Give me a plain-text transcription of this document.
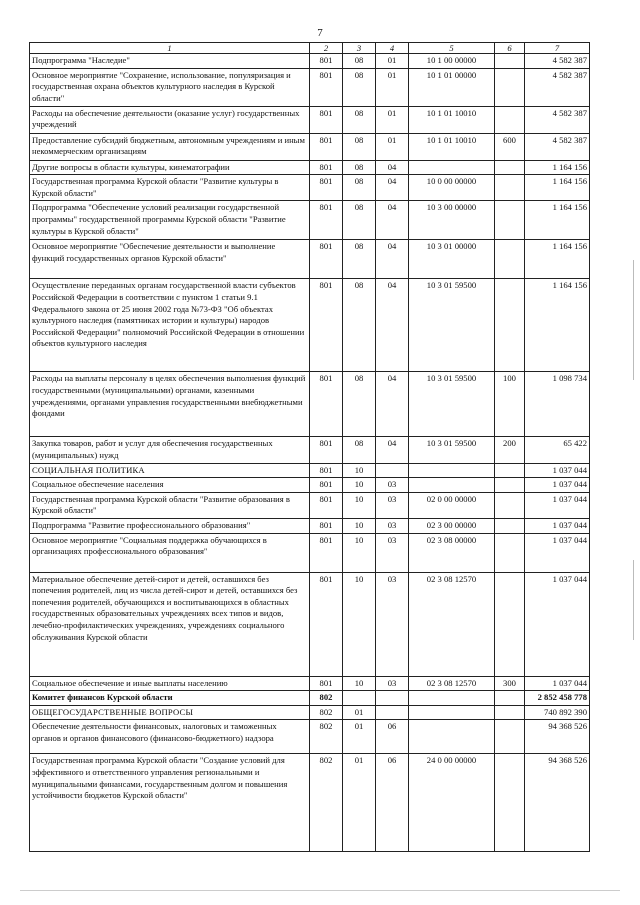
7
1	2	3	4	5	6	7
Подпрограмма "Наследие"	801	08	01	10 1 00 00000		4 582 387
Основное мероприятие "Сохранение, использование, популяризация и государственная охрана объектов культурного наследия в Курской области"	801	08	01	10 1 01 00000		4 582 387
Расходы на обеспечение деятельности (оказание услуг) государственных учреждений	801	08	01	10 1 01 10010		4 582 387
Предоставление субсидий бюджетным, автономным учреждениям и иным некоммерческим организациям	801	08	01	10 1 01 10010	600	4 582 387
Другие вопросы в области культуры, кинематографии	801	08	04			1 164 156
Государственная программа Курской области "Развитие культуры в Курской области"	801	08	04	10 0 00 00000		1 164 156
Подпрограмма "Обеспечение условий реализации государственной программы" государственной программы Курской области "Развитие культуры в Курской области"	801	08	04	10 3 00 00000		1 164 156
Основное мероприятие "Обеспечение деятельности и выполнение функций государственных органов Курской области"	801	08	04	10 3 01 00000		1 164 156
Осуществление переданных органам государственной власти субъектов Российской Федерации в соответствии с пунктом 1 статьи 9.1 Федерального закона от 25 июня 2002 года №73-ФЗ "Об объектах культурного наследия (памятниках истории и культуры) народов Российской Федерации" полномочий Российской Федерации в отношении объектов культурного наследия	801	08	04	10 3 01 59500		1 164 156
Расходы на выплаты персоналу в целях обеспечения выполнения функций государственными (муниципальными) органами, казенными учреждениями, органами управления государственными внебюджетными фондами	801	08	04	10 3 01 59500	100	1 098 734
Закупка товаров, работ и услуг для обеспечения государственных (муниципальных) нужд	801	08	04	10 3 01 59500	200	65 422
СОЦИАЛЬНАЯ ПОЛИТИКА	801	10				1 037 044
Социальное обеспечение населения	801	10	03			1 037 044
Государственная программа Курской области "Развитие образования в Курской области"	801	10	03	02 0 00 00000		1 037 044
Подпрограмма "Развитие профессионального образования"	801	10	03	02 3 00 00000		1 037 044
Основное мероприятие "Социальная поддержка обучающихся в организациях профессионального образования"	801	10	03	02 3 08 00000		1 037 044
Материальное обеспечение детей-сирот и детей, оставшихся без попечения родителей, лиц из числа детей-сирот и детей, оставшихся без попечения родителей, обучающихся и воспитывающихся в областных государственных образовательных учреждениях всех типов и видов, лечебно-профилактических учреждениях, учреждениях социального обслуживания Курской области	801	10	03	02 3 08 12570		1 037 044
Социальное обеспечение и иные выплаты населению	801	10	03	02 3 08 12570	300	1 037 044
Комитет финансов Курской области	802					2 852 458 778
ОБЩЕГОСУДАРСТВЕННЫЕ ВОПРОСЫ	802	01				740 892 390
Обеспечение деятельности финансовых, налоговых и таможенных органов и органов финансового (финансово-бюджетного) надзора	802	01	06			94 368 526
Государственная программа Курской области "Создание условий для эффективного и ответственного управления региональными и муниципальными финансами, государственным долгом и повышения устойчивости бюджетов Курской области"	802	01	06	24 0 00 00000		94 368 526
